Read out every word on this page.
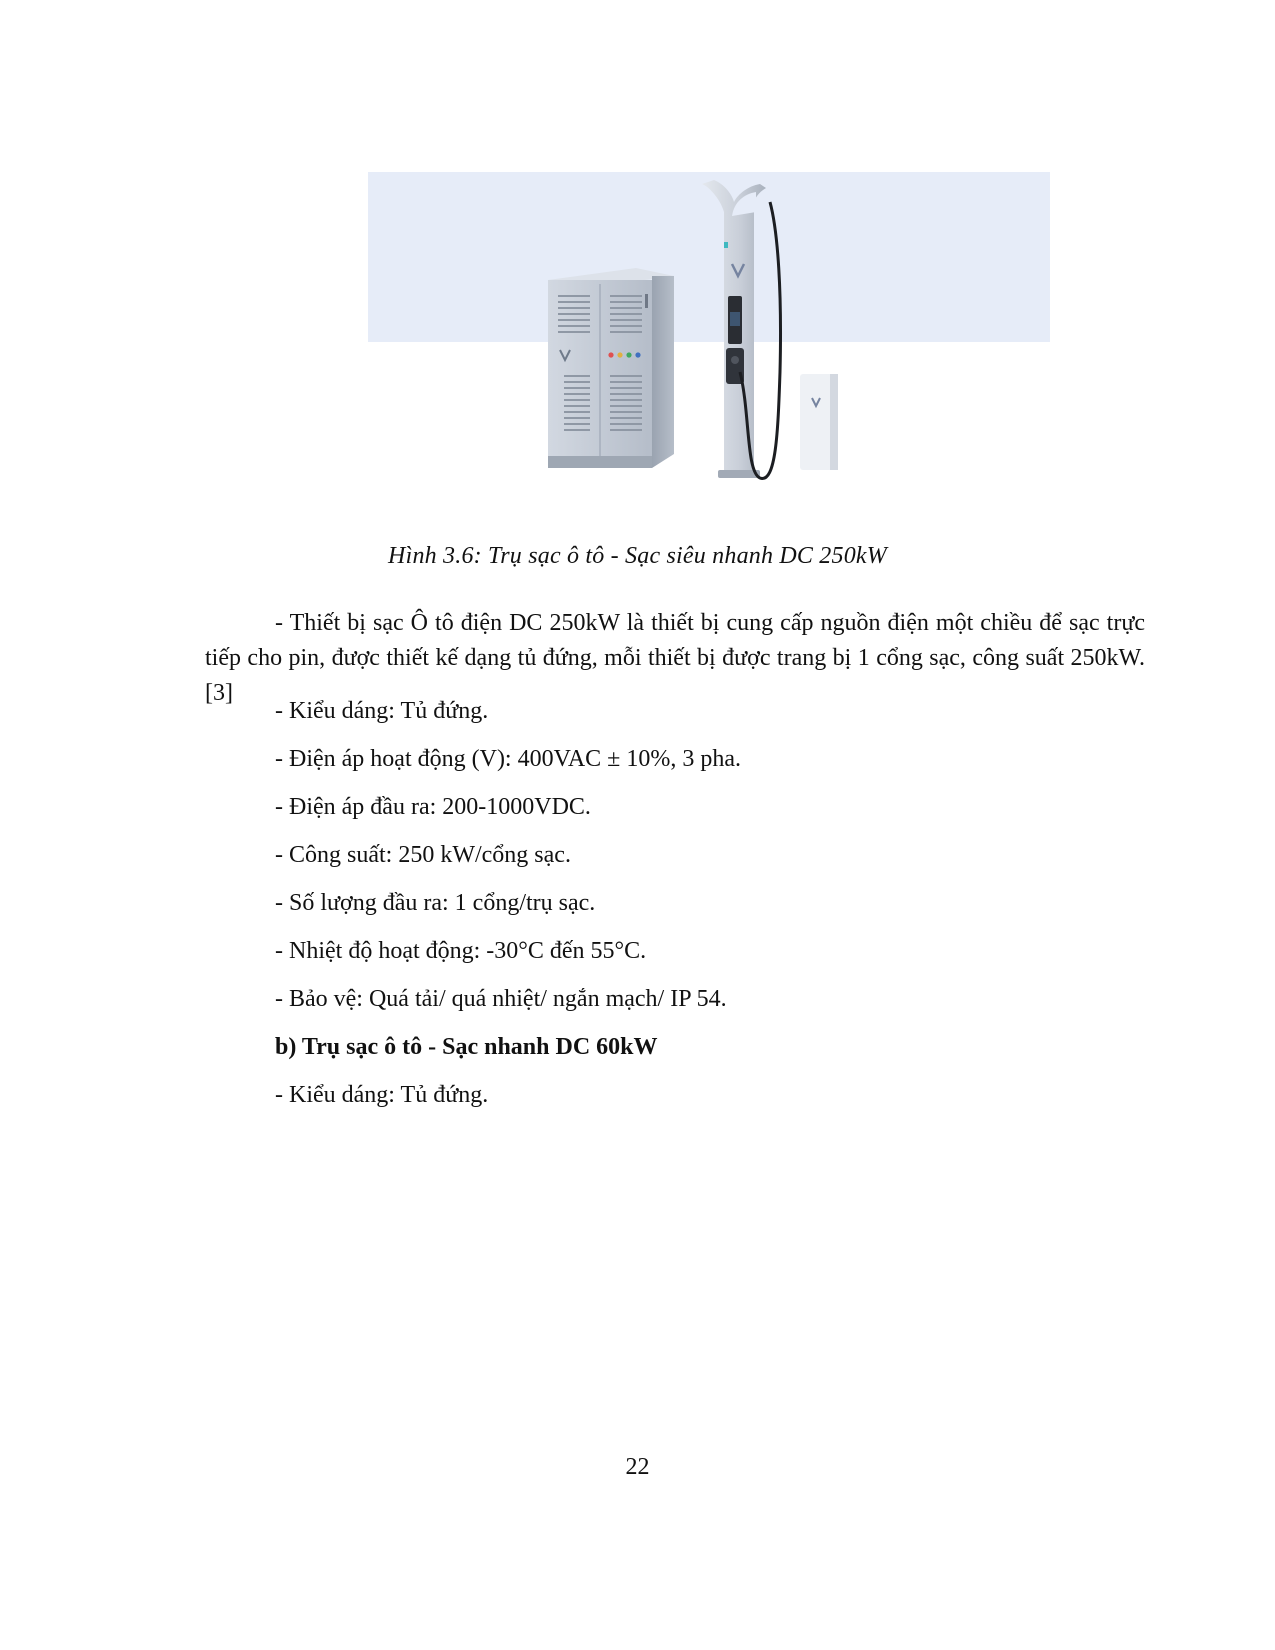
Hình 3.6: Trụ sạc ô tô - Sạc siêu nhanh DC 250kW

- Thiết bị sạc Ô tô điện DC 250kW là thiết bị cung cấp nguồn điện một chiều để sạc trực tiếp cho pin, được thiết kế dạng tủ đứng, mỗi thiết bị được trang bị 1 cổng sạc, công suất 250kW. [3]

- Kiểu dáng: Tủ đứng.

- Điện áp hoạt động (V): 400VAC ± 10%, 3 pha.

- Điện áp đầu ra: 200-1000VDC.

- Công suất: 250 kW/cổng sạc.

- Số lượng đầu ra: 1 cổng/trụ sạc.

- Nhiệt độ hoạt động: -30°C đến 55°C.

- Bảo vệ: Quá tải/ quá nhiệt/ ngắn mạch/ IP 54.

b) Trụ sạc ô tô - Sạc nhanh DC 60kW

- Kiểu dáng: Tủ đứng.

22
